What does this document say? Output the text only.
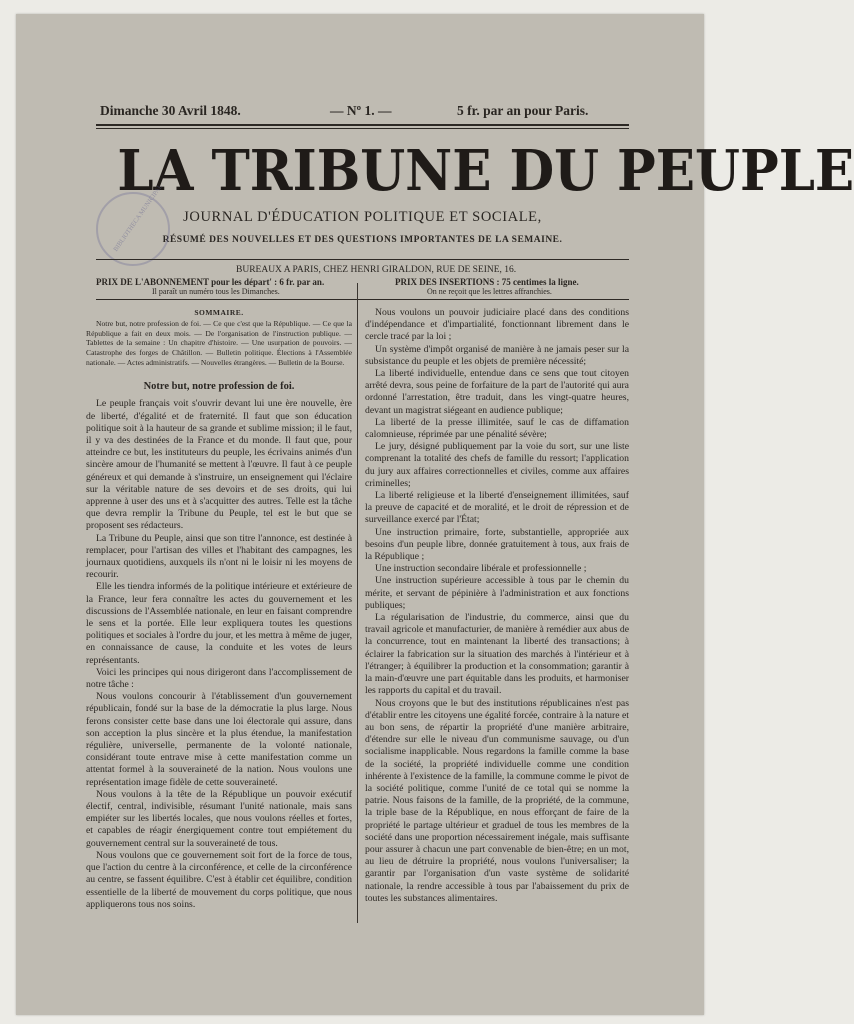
Dimanche 30 Avril 1848.	— Nº 1. —	5 fr. par an pour Paris.
LA TRIBUNE DU PEUPLE
JOURNAL D'ÉDUCATION POLITIQUE ET SOCIALE,
RÉSUMÉ DES NOUVELLES ET DES QUESTIONS IMPORTANTES DE LA SEMAINE.
BIBLIOTHECA MUNICIPAL
BUREAUX A PARIS, CHEZ HENRI GIRALDON, RUE DE SEINE, 16.
PRIX DE L'ABONNEMENT pour les départ' : 6 fr. par an.
Il paraît un numéro tous les Dimanches.
PRIX DES INSERTIONS : 75 centimes la ligne.
On ne reçoit que les lettres affranchies.

SOMMAIRE.

Notre but, notre profession de foi. — Ce que c'est que la République. — Ce que la République a fait en deux mois. — De l'organisation de l'instruction publique. — Tablettes de la semaine : Un chapitre d'histoire. — Une usurpation de pouvoirs. — Catastrophe des forges de Châtillon. — Bulletin politique. Élections à l'Assemblée nationale. — Actes administratifs. — Nouvelles étrangères. — Bulletin de la Bourse.

Notre but, notre profession de foi.

Le peuple français voit s'ouvrir devant lui une ère nouvelle, ère de liberté, d'égalité et de fraternité. Il faut que son éducation politique soit à la hauteur de sa grande et sublime mission; il le faut, il y va des destinées de la France et du monde. Il faut que, pour atteindre ce but, les instituteurs du peuple, les écrivains animés d'un sincère amour de l'humanité se mettent à l'œuvre. Il faut à ce peuple généreux et qui demande à s'instruire, un enseignement qui l'éclaire sur la véritable nature de ses devoirs et de ses droits, qui lui apprenne à user des uns et à s'acquitter des autres. Telle est la tâche que devra remplir la Tribune du Peuple, tel est le but que se proposent ses rédacteurs.

La Tribune du Peuple, ainsi que son titre l'annonce, est destinée à remplacer, pour l'artisan des villes et l'habitant des campagnes, les journaux quotidiens, auxquels ils n'ont ni le loisir ni les moyens de recourir.

Elle les tiendra informés de la politique intérieure et extérieure de la France, leur fera connaître les actes du gouvernement et les discussions de l'Assemblée nationale, en leur en faisant comprendre le sens et la portée. Elle leur expliquera toutes les questions politiques et sociales à l'ordre du jour, et les mettra à même de juger, en connaissance de cause, la conduite et les votes de leurs représentants.

Voici les principes qui nous dirigeront dans l'accomplissement de notre tâche :

Nous voulons concourir à l'établissement d'un gouvernement républicain, fondé sur la base de la démocratie la plus large. Nous ferons consister cette base dans une loi électorale qui assure, dans son acception la plus sincère et la plus étendue, la manifestation régulière, universelle, permanente de la volonté nationale, considérant toute entrave mise à cette manifestation comme un attentat formel à la souveraineté de la nation. Nous voulons une représentation image fidèle de cette souveraineté.

Nous voulons à la tête de la République un pouvoir exécutif électif, central, indivisible, résumant l'unité nationale, mais sans empiéter sur les libertés locales, que nous voulons réelles et fortes, et capables de réagir énergiquement contre tout empiétement du gouvernement central sur la souveraineté de tous.

Nous voulons que ce gouvernement soit fort de la force de tous, que l'action du centre à la circonférence, et celle de la circonférence au centre, se fassent équilibre. C'est à établir cet équilibre, condition essentielle de la liberté de mouvement du corps politique, que nous appliquerons tous nos soins.

Nous voulons un pouvoir judiciaire placé dans des conditions d'indépendance et d'impartialité, fonctionnant librement dans le cercle tracé par la loi ;

Un système d'impôt organisé de manière à ne jamais peser sur la subsistance du peuple et les objets de première nécessité;

La liberté individuelle, entendue dans ce sens que tout citoyen arrêté devra, sous peine de forfaiture de la part de l'autorité qui aura ordonné l'arrestation, être traduit, dans les vingt-quatre heures, devant un magistrat siégeant en audience publique;

La liberté de la presse illimitée, sauf le cas de diffamation calomnieuse, réprimée par une pénalité sévère;

Le jury, désigné publiquement par la voie du sort, sur une liste comprenant la totalité des chefs de famille du ressort; l'application du jury aux affaires correctionnelles et civiles, comme aux affaires criminelles;

La liberté religieuse et la liberté d'enseignement illimitées, sauf la preuve de capacité et de moralité, et le droit de répression et de surveillance exercé par l'État;

Une instruction primaire, forte, substantielle, appropriée aux besoins d'un peuple libre, donnée gratuitement à tous, aux frais de la République ;

Une instruction secondaire libérale et professionnelle ;

Une instruction supérieure accessible à tous par le chemin du mérite, et servant de pépinière à l'administration et aux fonctions publiques;

La régularisation de l'industrie, du commerce, ainsi que du travail agricole et manufacturier, de manière à remédier aux abus de la concurrence, tout en maintenant la liberté des transactions; à éclairer la fabrication sur la situation des marchés à l'intérieur et à l'étranger; à équilibrer la production et la consommation; garantir à la main-d'œuvre une part équitable dans les produits, et harmoniser les rapports du capital et du travail.

Nous croyons que le but des institutions républicaines n'est pas d'établir entre les citoyens une égalité forcée, contraire à la nature et au bon sens, de répartir la propriété d'une manière arbitraire, d'étendre sur elle le niveau d'un communisme sauvage, ou d'un socialisme inapplicable. Nous regardons la famille comme la base de la société, la propriété individuelle comme une condition inhérente à l'existence de la famille, la commune comme le pivot de la société politique, comme l'unité de ce total qui se nomme la patrie. Nous faisons de la famille, de la propriété, de la commune, la triple base de la République, en nous efforçant de faire de la propriété le partage ultérieur et graduel de tous les membres de la société dans une proportion nécessairement inégale, mais suffisante pour assurer à chacun une part convenable de bien-être; en un mot, au lieu de détruire la propriété, nous voulons l'universaliser; la garantir par l'organisation d'un vaste système de solidarité nationale, la rendre accessible à tous par l'abaissement du prix de toutes les substances alimentaires.
